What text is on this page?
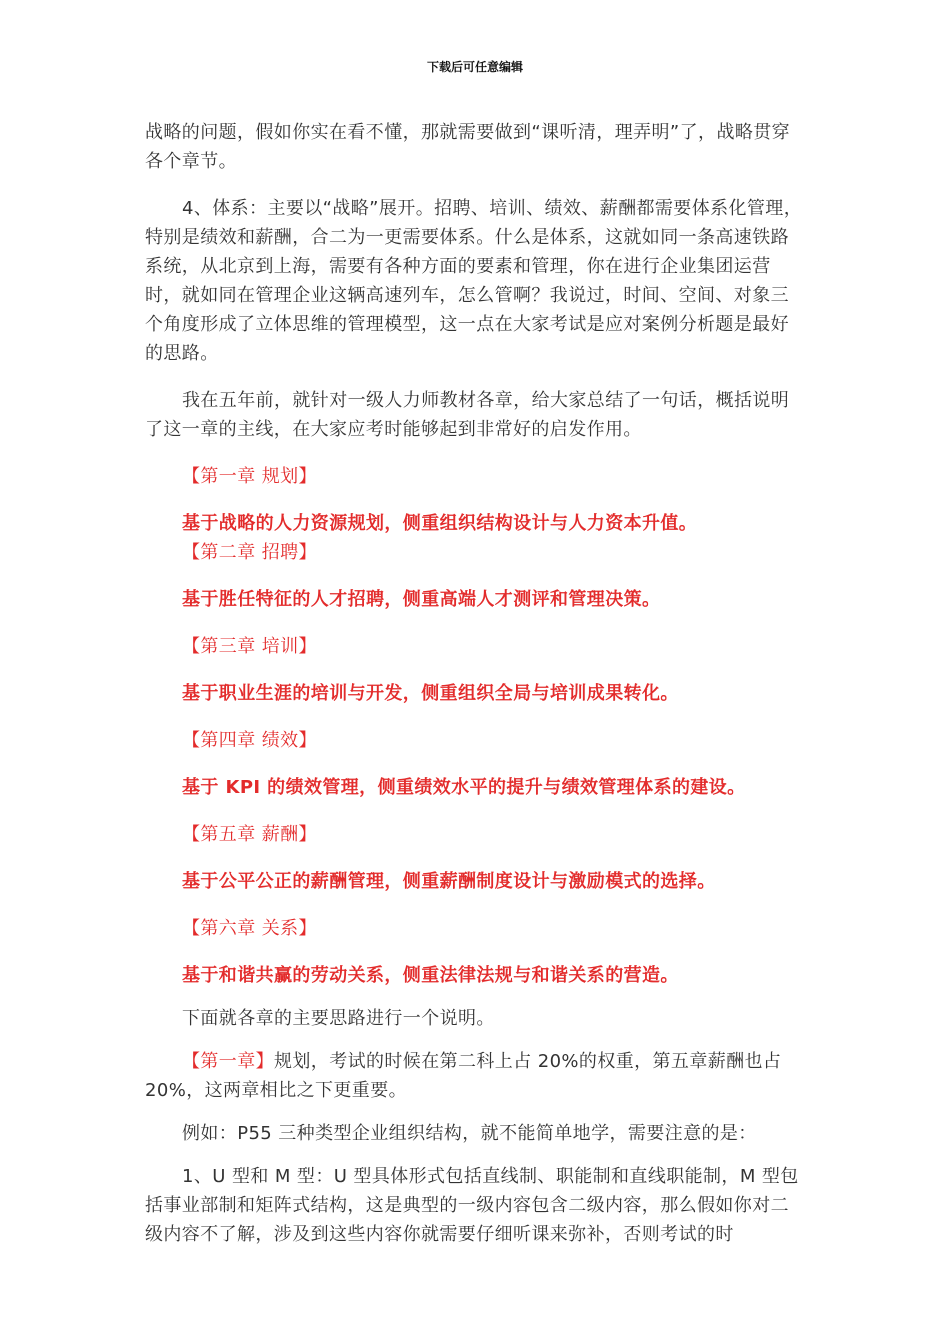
下载后可任意编辑

战略的问题，假如你实在看不懂，那就需要做到“课听清，理弄明”了，战略贯穿各个章节。

4、体系：主要以“战略”展开。招聘、培训、绩效、薪酬都需要体系化管理，特别是绩效和薪酬，合二为一更需要体系。什么是体系，这就如同一条高速铁路系统，从北京到上海，需要有各种方面的要素和管理，你在进行企业集团运营时，就如同在管理企业这辆高速列车，怎么管啊？我说过，时间、空间、对象三个角度形成了立体思维的管理模型，这一点在大家考试是应对案例分析题是最好的思路。

我在五年前，就针对一级人力师教材各章，给大家总结了一句话，概括说明了这一章的主线，在大家应考时能够起到非常好的启发作用。

【第一章 规划】

基于战略的人力资源规划，侧重组织结构设计与人力资本升值。

【第二章 招聘】

基于胜任特征的人才招聘，侧重高端人才测评和管理决策。

【第三章 培训】

基于职业生涯的培训与开发，侧重组织全局与培训成果转化。

【第四章 绩效】

基于 KPI 的绩效管理，侧重绩效水平的提升与绩效管理体系的建设。

【第五章 薪酬】

基于公平公正的薪酬管理，侧重薪酬制度设计与激励模式的选择。

【第六章 关系】

基于和谐共赢的劳动关系，侧重法律法规与和谐关系的营造。

下面就各章的主要思路进行一个说明。

【第一章】规划，考试的时候在第二科上占 20%的权重，第五章薪酬也占 20%，这两章相比之下更重要。

例如：P55 三种类型企业组织结构，就不能简单地学，需要注意的是：

1、U 型和 M 型：U 型具体形式包括直线制、职能制和直线职能制，M 型包括事业部制和矩阵式结构，这是典型的一级内容包含二级内容，那么假如你对二级内容不了解，涉及到这些内容你就需要仔细听课来弥补，否则考试的时
